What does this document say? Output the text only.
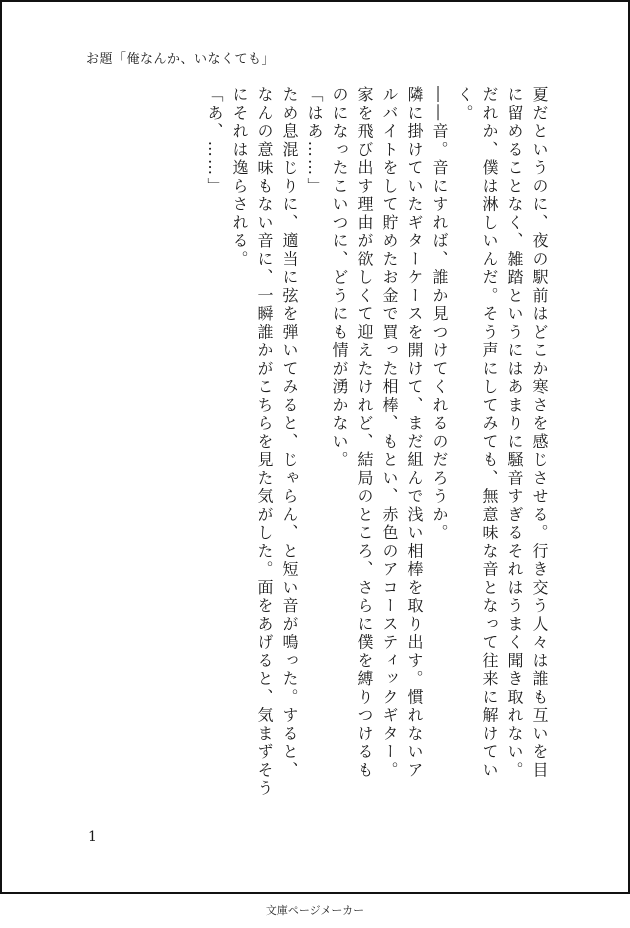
お題「俺なんか、いなくても」

夏だというのに、夜の駅前はどこか寒さを感じさせる。行き交う人々は誰も互いを目

に留めることなく、雑踏というにはあまりに騒音すぎるそれはうまく聞き取れない。

だれか、僕は淋しいんだ。そう声にしてみても、無意味な音となって往来に解けてい

く。

――音。音にすれば、誰か見つけてくれるのだろうか。

隣に掛けていたギターケースを開けて、まだ組んで浅い相棒を取り出す。慣れないア

ルバイトをして貯めたお金で買った相棒、もとい、赤色のアコースティックギター。

家を飛び出す理由が欲しくて迎えたけれど、結局のところ、さらに僕を縛りつけるも

のになったこいつに、どうにも情が湧かない。

「はあ……」

ため息混じりに、適当に弦を弾いてみると、じゃらん、と短い音が鳴った。すると、

なんの意味もない音に、一瞬誰かがこちらを見た気がした。面をあげると、気まずそう

にそれは逸らされる。

「あ、……」

1
文庫ページメーカー
